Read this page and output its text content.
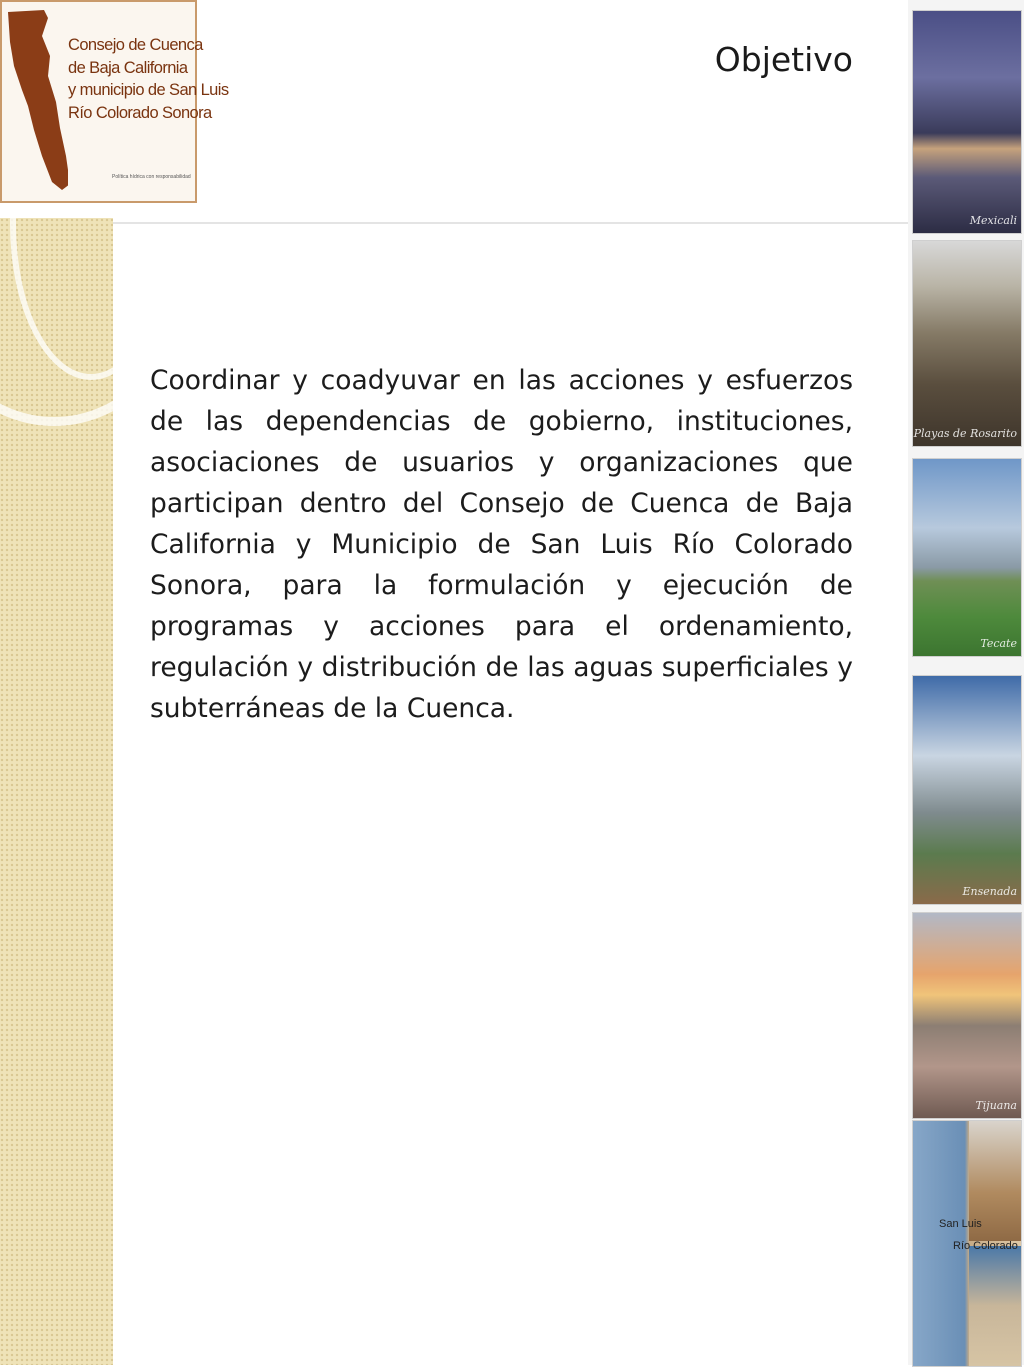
Consejo de Cuenca
de Baja California
y municipio de San Luis
Río Colorado Sonora
Política hídrica con responsabilidad
Objetivo

Coordinar y coadyuvar en las acciones y esfuerzos de las dependencias de gobierno, instituciones, asociaciones de usuarios y organizaciones que participan dentro del Consejo de Cuenca de Baja California y Municipio de San Luis Río Colorado Sonora, para la formulación y ejecución de programas y acciones para el ordenamiento, regulación y distribución de las aguas superficiales y subterráneas de la Cuenca.

Mexicali
Playas de Rosarito
Tecate
Ensenada
Tijuana
San Luis
Río Colorado
